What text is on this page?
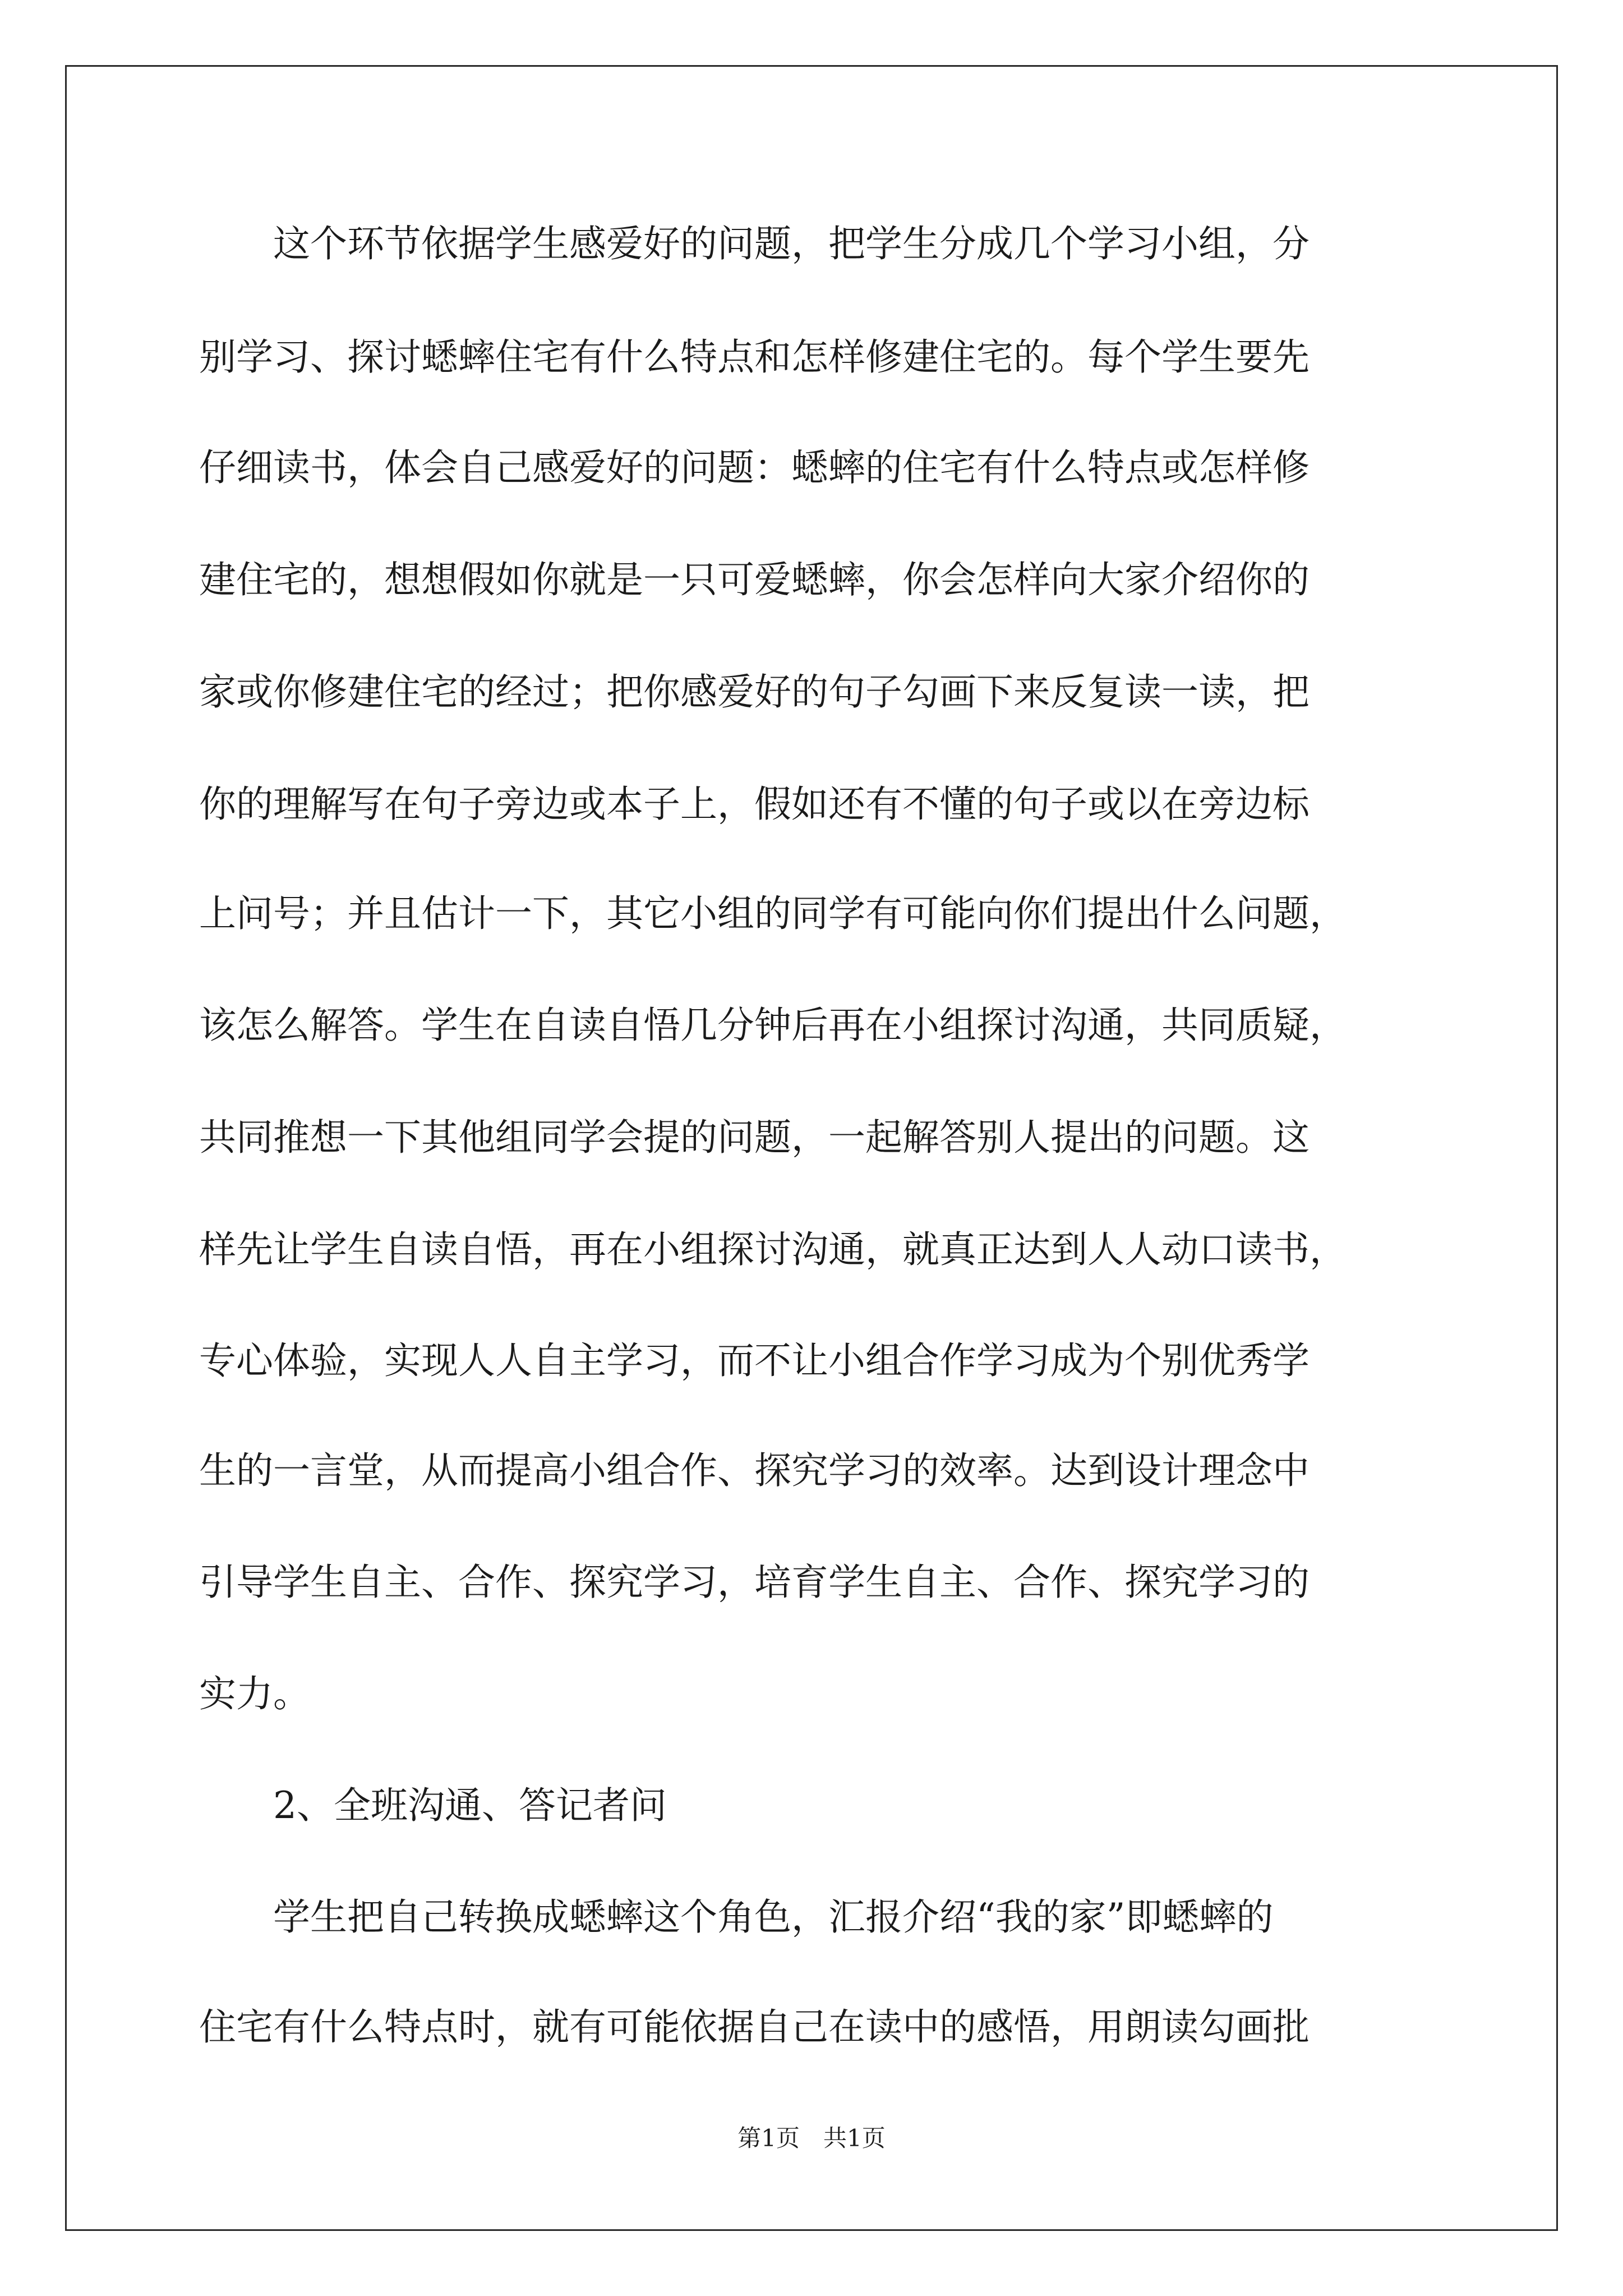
　　这个环节依据学生感爱好的问题，把学生分成几个学习小组，分
别学习、探讨蟋蟀住宅有什么特点和怎样修建住宅的。每个学生要先
仔细读书，体会自己感爱好的问题：蟋蟀的住宅有什么特点或怎样修
建住宅的，想想假如你就是一只可爱蟋蟀，你会怎样向大家介绍你的
家或你修建住宅的经过；把你感爱好的句子勾画下来反复读一读，把
你的理解写在句子旁边或本子上，假如还有不懂的句子或以在旁边标
上问号；并且估计一下，其它小组的同学有可能向你们提出什么问题，
该怎么解答。学生在自读自悟几分钟后再在小组探讨沟通，共同质疑，
共同推想一下其他组同学会提的问题，一起解答别人提出的问题。这
样先让学生自读自悟，再在小组探讨沟通，就真正达到人人动口读书，
专心体验，实现人人自主学习，而不让小组合作学习成为个别优秀学
生的一言堂，从而提高小组合作、探究学习的效率。达到设计理念中
引导学生自主、合作、探究学习，培育学生自主、合作、探究学习的
实力。
　　2、全班沟通、答记者问
　　学生把自己转换成蟋蟀这个角色，汇报介绍“我的家”即蟋蟀的
住宅有什么特点时，就有可能依据自己在读中的感悟，用朗读勾画批
第1页　共1页
